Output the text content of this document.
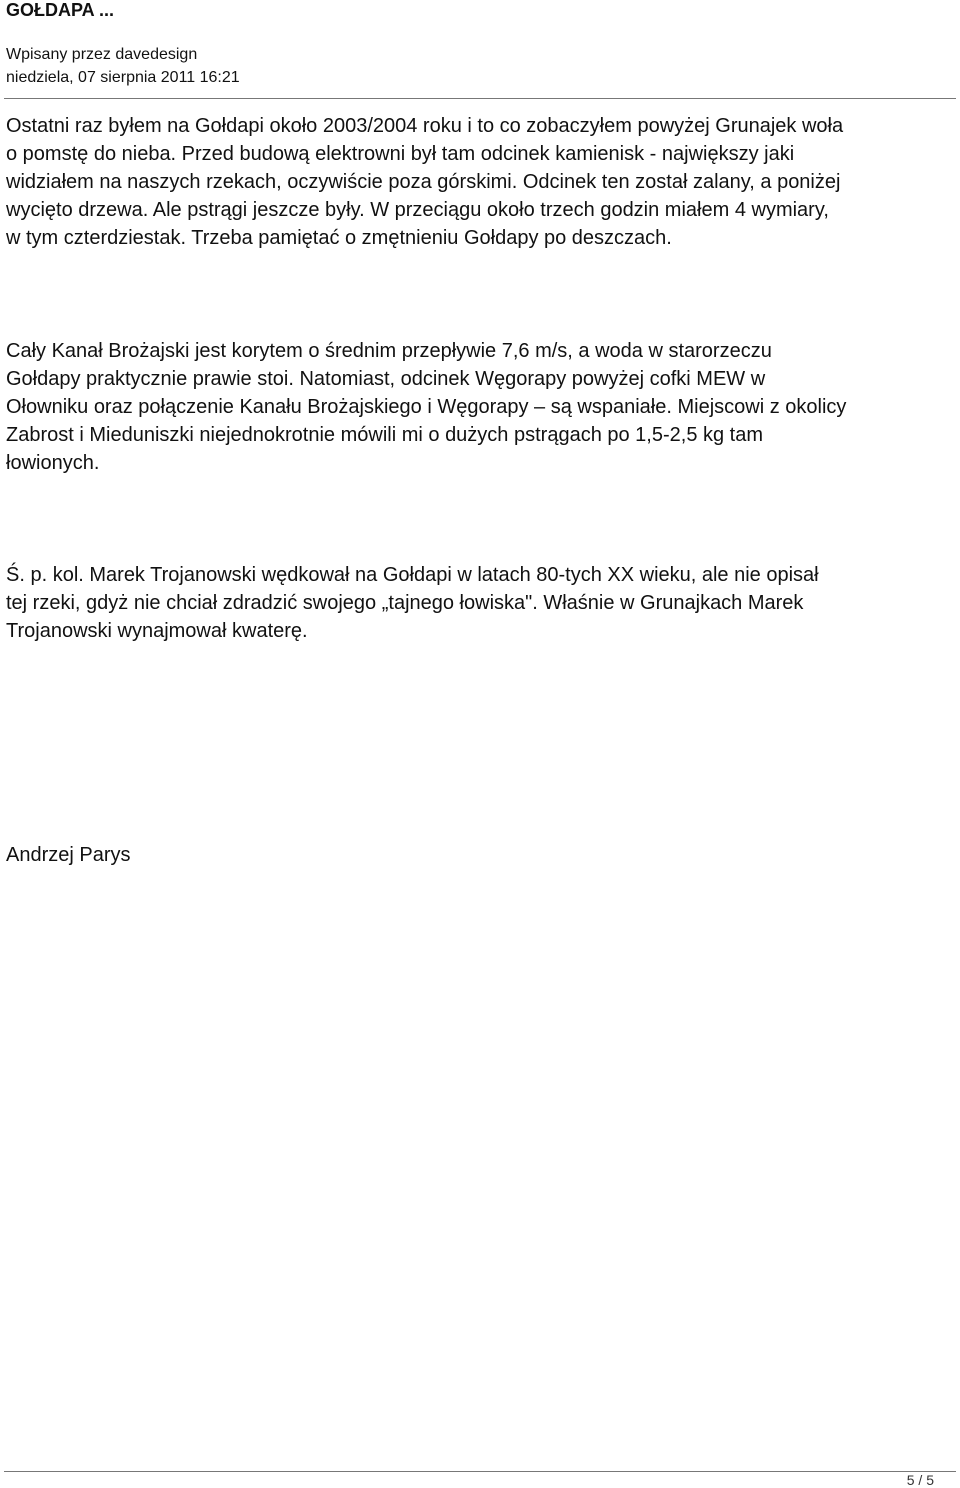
GOŁDAPA ...
Wpisany przez davedesign
niedziela, 07 sierpnia 2011 16:21

Ostatni raz byłem na Gołdapi około 2003/2004 roku i to co zobaczyłem powyżej Grunajek woła
o pomstę do nieba. Przed budową elektrowni był tam odcinek kamienisk - największy jaki
widziałem na naszych rzekach, oczywiście poza górskimi. Odcinek ten został zalany, a poniżej
wycięto drzewa. Ale pstrągi jeszcze były. W przeciągu około trzech godzin miałem 4 wymiary,
w tym czterdziestak. Trzeba pamiętać o zmętnieniu Gołdapy po deszczach.

Cały Kanał Brożajski jest korytem o średnim przepływie 7,6 m/s, a woda w starorzeczu
Gołdapy praktycznie prawie stoi. Natomiast, odcinek Węgorapy powyżej cofki MEW w
Ołowniku oraz połączenie Kanału Brożajskiego i Węgorapy – są wspaniałe. Miejscowi z okolicy
Zabrost i Mieduniszki niejednokrotnie mówili mi o dużych pstrągach po 1,5-2,5 kg tam
łowionych.

Ś. p. kol. Marek Trojanowski wędkował na Gołdapi w latach 80-tych XX wieku, ale nie opisał
tej rzeki, gdyż nie chciał zdradzić swojego „tajnego łowiska". Właśnie w Grunajkach Marek
Trojanowski wynajmował kwaterę.

Andrzej Parys

5 / 5
